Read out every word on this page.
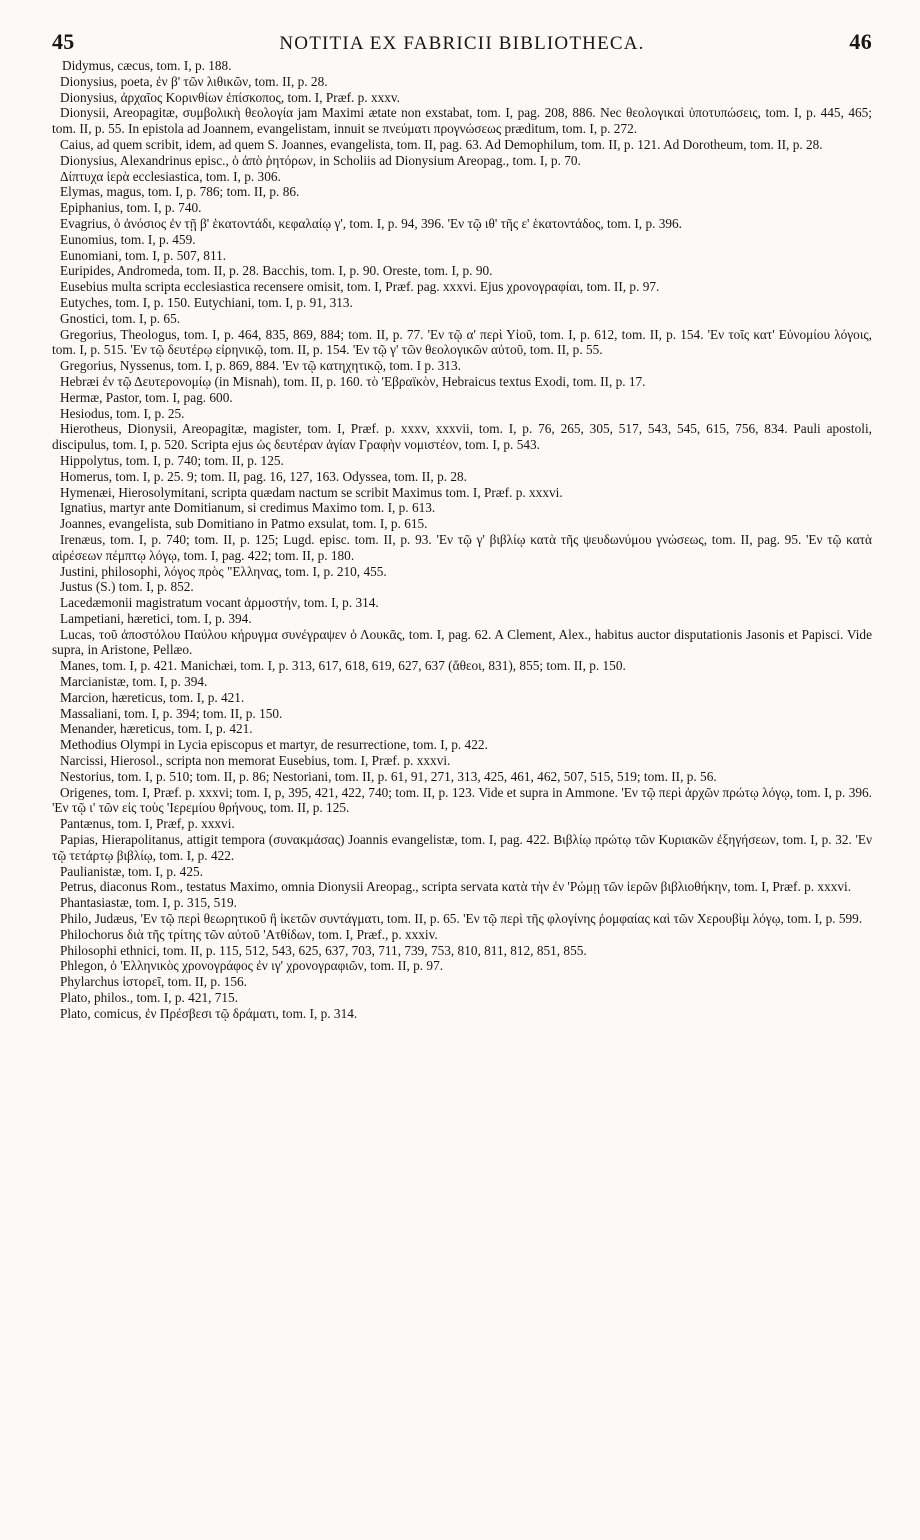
45	NOTITIA EX FABRICII BIBLIOTHECA.	46

Didymus, cæcus, tom. I, p. 188.

Dionysius, poeta, ἐν β' τῶν λιθικῶν, tom. II, p. 28.

Dionysius, ἀρχαῖος Κορινθίων ἐπίσκοπος, tom. I, Præf. p. xxxv.

Dionysii, Areopagitæ, συμβολικὴ θεολογία jam Maximi ætate non exstabat, tom. I, pag. 208, 886. Nec θεολογικαὶ ὑποτυπώσεις, tom. I, p. 445, 465; tom. II, p. 55. In epistola ad Joannem, evangelistam, innuit se πνεύματι προγνώσεως præditum, tom. I, p. 272.

Caius, ad quem scribit, idem, ad quem S. Joannes, evangelista, tom. II, pag. 63. Ad Demophilum, tom. II, p. 121. Ad Dorotheum, tom. II, p. 28.

Dionysius, Alexandrinus episc., ὁ ἀπὸ ῥητόρων, in Scholiis ad Dionysium Areopag., tom. I, p. 70.

Δίπτυχα ἱερὰ ecclesiastica, tom. I, p. 306.

Elymas, magus, tom. I, p. 786; tom. II, p. 86.

Epiphanius, tom. I, p. 740.

Evagrius, ὁ ἀνόσιος ἐν τῇ β' ἑκατοντάδι, κεφαλαίῳ γ', tom. I, p. 94, 396. 'Εν τῷ ιθ' τῆς ε' ἑκατοντάδος, tom. I, p. 396.

Eunomius, tom. I, p. 459.

Eunomiani, tom. I, p. 507, 811.

Euripides, Andromeda, tom. II, p. 28. Bacchis, tom. I, p. 90. Oreste, tom. I, p. 90.

Eusebius multa scripta ecclesiastica recensere omisit, tom. I, Præf. pag. xxxvi. Ejus χρονογραφίαι, tom. II, p. 97.

Eutyches, tom. I, p. 150. Eutychiani, tom. I, p. 91, 313.

Gnostici, tom. I, p. 65.

Gregorius, Theologus, tom. I, p. 464, 835, 869, 884; tom. II, p. 77. 'Εν τῷ α' περὶ Υἱοῦ, tom. I, p. 612, tom. II, p. 154. 'Εν τοῖς κατ' Εὐνομίου λόγοις, tom. I, p. 515. 'Εν τῷ δευτέρῳ εἰρηνικῷ, tom. II, p. 154. 'Εν τῷ γ' τῶν θεολογικῶν αὐτοῦ, tom. II, p. 55.

Gregorius, Nyssenus, tom. I, p. 869, 884. 'Εν τῷ κατηχητικῷ, tom. I p. 313.

Hebræi ἐν τῷ Δευτερονομίῳ (in Misnah), tom. II, p. 160. τὸ 'Εβραϊκὸν, Hebraicus textus Exodi, tom. II, p. 17.

Hermæ, Pastor, tom. I, pag. 600.

Hesiodus, tom. I, p. 25.

Hierotheus, Dionysii, Areopagitæ, magister, tom. I, Præf. p. xxxv, xxxvii, tom. I, p. 76, 265, 305, 517, 543, 545, 615, 756, 834. Pauli apostoli, discipulus, tom. I, p. 520. Scripta ejus ὡς δευτέραν ἁγίαν Γραφὴν νομιστέον, tom. I, p. 543.

Hippolytus, tom. I, p. 740; tom. II, p. 125.

Homerus, tom. I, p. 25. 9; tom. II, pag. 16, 127, 163. Odyssea, tom. II, p. 28.

Hymenæi, Hierosolymitani, scripta quædam nactum se scribit Maximus tom. I, Præf. p. xxxvi.

Ignatius, martyr ante Domitianum, si credimus Maximo tom. I, p. 613.

Joannes, evangelista, sub Domitiano in Patmo exsulat, tom. I, p. 615.

Irenæus, tom. I, p. 740; tom. II, p. 125; Lugd. episc. tom. II, p. 93. 'Εν τῷ γ' βιβλίῳ κατὰ τῆς ψευδωνύμου γνώσεως, tom. II, pag. 95. 'Εν τῷ κατὰ αἱρέσεων πέμπτῳ λόγῳ, tom. I, pag. 422; tom. II, p. 180.

Justini, philosophi, λόγος πρὸς "Ελληνας, tom. I, p. 210, 455.

Justus (S.) tom. I, p. 852.

Lacedæmonii magistratum vocant ἁρμοστήν, tom. I, p. 314.

Lampetiani, hæretici, tom. I, p. 394.

Lucas, τοῦ ἀποστόλου Παύλου κήρυγμα συνέγραψεν ὁ Λουκᾶς, tom. I, pag. 62. A Clement, Alex., habitus auctor disputationis Jasonis et Papisci. Vide supra, in Aristone, Pellæo.

Manes, tom. I, p. 421. Manichæi, tom. I, p. 313, 617, 618, 619, 627, 637 (ἄθεοι, 831), 855; tom. II, p. 150.

Marcianistæ, tom. I, p. 394.

Marcion, hæreticus, tom. I, p. 421.

Massaliani, tom. I, p. 394; tom. II, p. 150.

Menander, hæreticus, tom. I, p. 421.

Methodius Olympi in Lycia episcopus et martyr, de resurrectione, tom. I, p. 422.

Narcissi, Hierosol., scripta non memorat Eusebius, tom. I, Præf. p. xxxvi.

Nestorius, tom. I, p. 510; tom. II, p. 86; Nestoriani, tom. II, p. 61, 91, 271, 313, 425, 461, 462, 507, 515, 519; tom. II, p. 56.

Origenes, tom. I, Præf. p. xxxvi; tom. I, p, 395, 421, 422, 740; tom. II, p. 123. Vide et supra in Ammone. 'Εν τῷ περὶ ἀρχῶν πρώτῳ λόγῳ, tom. I, p. 396. 'Εν τῷ ι' τῶν εἰς τοὺς 'Ιερεμίου θρήνους, tom. II, p. 125.

Pantænus, tom. I, Præf, p. xxxvi.

Papias, Hierapolitanus, attigit tempora (συνακμάσας) Joannis evangelistæ, tom. I, pag. 422. Βιβλίῳ πρώτῳ τῶν Κυριακῶν ἐξηγήσεων, tom. I, p. 32. 'Εν τῷ τετάρτῳ βιβλίῳ, tom. I, p. 422.

Paulianistæ, tom. I, p. 425.

Petrus, diaconus Rom., testatus Maximo, omnia Dionysii Areopag., scripta servata κατὰ τὴν ἐν 'Ρώμῃ τῶν ἱερῶν βιβλιοθήκην, tom. I, Præf. p. xxxvi.

Phantasiastæ, tom. I, p. 315, 519.

Philo, Judæus, 'Εν τῷ περὶ θεωρητικοῦ ἢ ἱκετῶν συντάγματι, tom. II, p. 65. 'Εν τῷ περὶ τῆς φλογίνης ῥομφαίας καὶ τῶν Χερουβὶμ λόγῳ, tom. I, p. 599.

Philochorus διὰ τῆς τρίτης τῶν αὐτοῦ 'Ατθίδων, tom. I, Præf., p. xxxiv.

Philosophi ethnici, tom. II, p. 115, 512, 543, 625, 637, 703, 711, 739, 753, 810, 811, 812, 851, 855.

Phlegon, ὁ 'Ελληνικὸς χρονογράφος ἐν ιγ' χρονογραφιῶν, tom. II, p. 97.

Phylarchus ἱστορεῖ, tom. II, p. 156.

Plato, philos., tom. I, p. 421, 715.

Plato, comicus, ἐν Πρέσβεσι τῷ δράματι, tom. I, p. 314.
